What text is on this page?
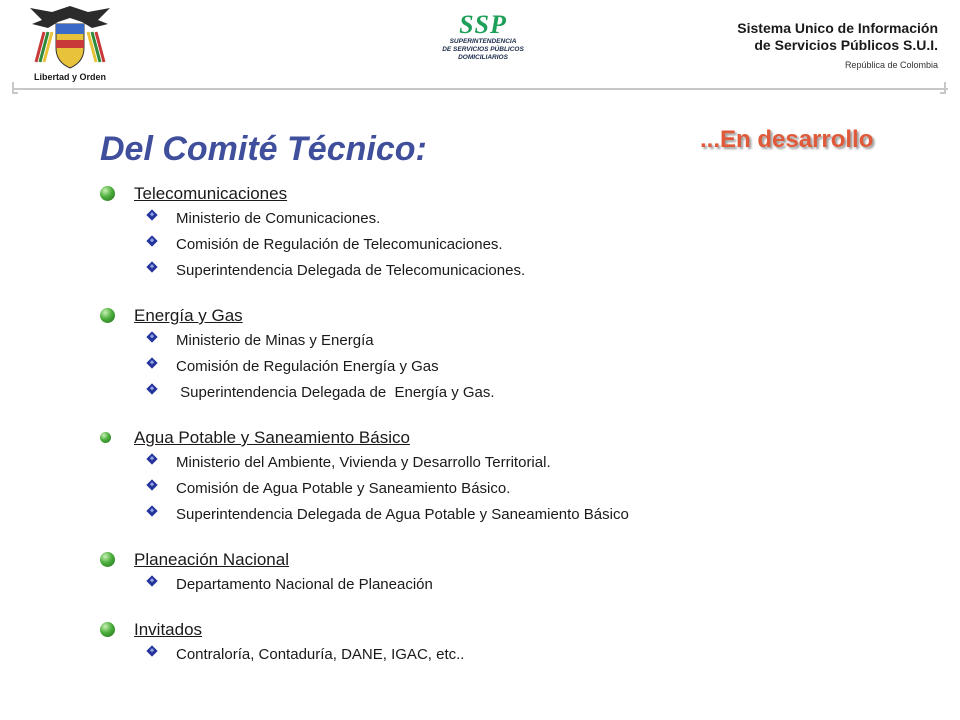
Libertad y Orden
SSP
SUPERINTENDENCIA
DE SERVICIOS PÚBLICOS
DOMICILIARIOS
Sistema Unico de Información
de Servicios Públicos S.U.I.
República de Colombia
Del Comité Técnico:	...En desarrollo
Telecomunicaciones
Ministerio de Comunicaciones.
Comisión de Regulación de Telecomunicaciones.
Superintendencia Delegada de Telecomunicaciones.
Energía y Gas
Ministerio de Minas y Energía
Comisión de Regulación Energía y Gas
Superintendencia Delegada de  Energía y Gas.
Agua Potable y Saneamiento Básico
Ministerio del Ambiente, Vivienda y Desarrollo Territorial.
Comisión de Agua Potable y Saneamiento Básico.
Superintendencia Delegada de Agua Potable y Saneamiento Básico
Planeación Nacional
Departamento Nacional de Planeación
Invitados
Contraloría, Contaduría, DANE, IGAC, etc..
